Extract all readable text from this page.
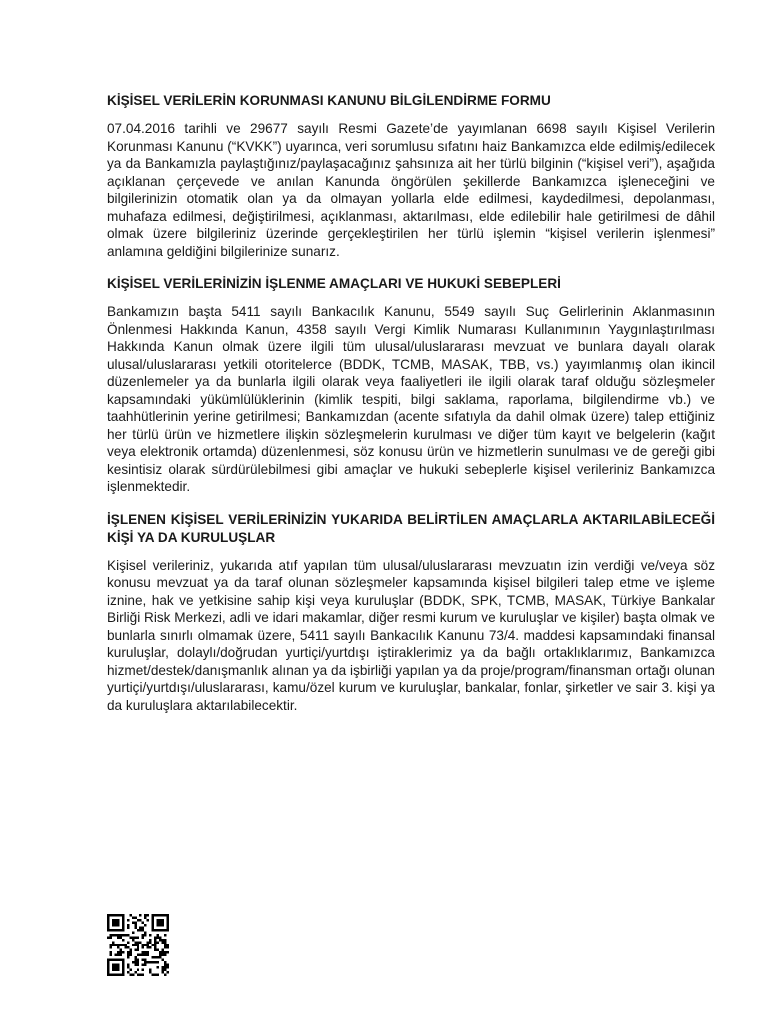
KİŞİSEL VERİLERİN KORUNMASI KANUNU BİLGİLENDİRME FORMU

07.04.2016 tarihli ve 29677 sayılı Resmi Gazete’de yayımlanan 6698 sayılı Kişisel Verilerin Korunması Kanunu (“KVKK”) uyarınca, veri sorumlusu sıfatını haiz Bankamızca elde edilmiş/edilecek ya da Bankamızla paylaştığınız/paylaşacağınız şahsınıza ait her türlü bilginin (“kişisel veri”), aşağıda açıklanan çerçevede ve anılan Kanunda öngörülen şekillerde Bankamızca işleneceğini ve bilgilerinizin otomatik olan ya da olmayan yollarla elde edilmesi, kaydedilmesi, depolanması, muhafaza edilmesi, değiştirilmesi, açıklanması, aktarılması, elde edilebilir hale getirilmesi de dâhil olmak üzere bilgileriniz üzerinde gerçekleştirilen her türlü işlemin “kişisel verilerin işlenmesi” anlamına geldiğini bilgilerinize sunarız.

KİŞİSEL VERİLERİNİZİN İŞLENME AMAÇLARI VE HUKUKİ SEBEPLERİ

Bankamızın başta 5411 sayılı Bankacılık Kanunu, 5549 sayılı Suç Gelirlerinin Aklanmasının Önlenmesi Hakkında Kanun, 4358 sayılı Vergi Kimlik Numarası Kullanımının Yaygınlaştırılması Hakkında Kanun olmak üzere ilgili tüm ulusal/uluslararası mevzuat ve bunlara dayalı olarak ulusal/uluslararası yetkili otoritelerce (BDDK, TCMB, MASAK, TBB, vs.) yayımlanmış olan ikincil düzenlemeler ya da bunlarla ilgili olarak veya faaliyetleri ile ilgili olarak taraf olduğu sözleşmeler kapsamındaki yükümlülüklerinin (kimlik tespiti, bilgi saklama, raporlama, bilgilendirme vb.) ve taahhütlerinin yerine getirilmesi; Bankamızdan (acente sıfatıyla da dahil olmak üzere) talep ettiğiniz her türlü ürün ve hizmetlere ilişkin sözleşmelerin kurulması ve diğer tüm kayıt ve belgelerin (kağıt veya elektronik ortamda) düzenlenmesi, söz konusu ürün ve hizmetlerin sunulması ve de gereği gibi kesintisiz olarak sürdürülebilmesi gibi amaçlar ve hukuki sebeplerle kişisel verileriniz Bankamızca işlenmektedir.

İŞLENEN KİŞİSEL VERİLERİNİZİN YUKARIDA BELİRTİLEN AMAÇLARLA AKTARILABİLECEĞİ KİŞİ YA DA KURULUŞLAR

Kişisel verileriniz, yukarıda atıf yapılan tüm ulusal/uluslararası mevzuatın izin verdiği ve/veya söz konusu mevzuat ya da taraf olunan sözleşmeler kapsamında kişisel bilgileri talep etme ve işleme iznine, hak ve yetkisine sahip kişi veya kuruluşlar (BDDK, SPK, TCMB, MASAK, Türkiye Bankalar Birliği Risk Merkezi, adli ve idari makamlar, diğer resmi kurum ve kuruluşlar ve kişiler) başta olmak ve bunlarla sınırlı olmamak üzere, 5411 sayılı Bankacılık Kanunu 73/4. maddesi kapsamındaki finansal kuruluşlar, dolaylı/doğrudan yurtiçi/yurtdışı iştiraklerimiz ya da bağlı ortaklıklarımız, Bankamızca hizmet/destek/danışmanlık alınan ya da işbirliği yapılan ya da proje/program/finansman ortağı olunan yurtiçi/yurtdışı/uluslararası, kamu/özel kurum ve kuruluşlar, bankalar, fonlar, şirketler ve sair 3. kişi ya da kuruluşlara aktarılabilecektir.
